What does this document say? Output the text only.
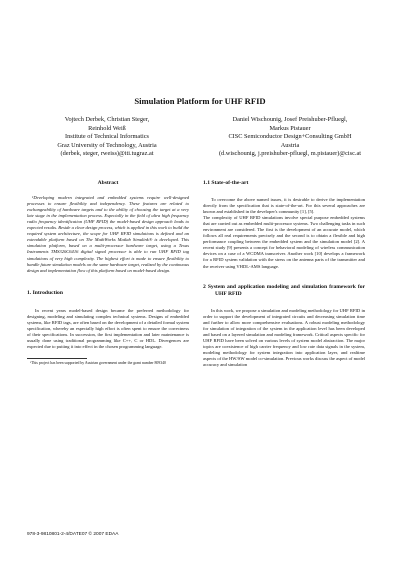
Simulation Platform for UHF RFID
Vojtech Derbek, Christian Steger,
Reinhold Weiß
Institute of Technical Informatics
Graz University of Technology, Austria
(derbek, steger, rweiss)@iti.tugraz.at
Daniel Wischounig, Josef Preishuber-Pfluegl,
Markus Pistauer
CISC Semiconductor Design+Consulting GmbH
Austria
(d.wischounig, j.preishuber-pfluegl, m.pistauer)@cisc.at
Abstract

¹Developing modern integrated and embedded systems require well-designed processes to ensure flexibility and independency. These features are related to exchangeability of hardware targets and to the ability of choosing the target at a very late stage in the implementation process. Especially in the field of ultra high frequency radio frequency identification (UHF RFID) the model-based design approach leads to expected results. Beside a clear design process, which is applied in this work to build the required system architecture, the scope for UHF RFID simulations is defined and an extendable platform based on The MathWorks Matlab Simulink® is developed. This simulation platform, based on a multi-processor hardware target, using a Texas Instruments TMS320C6416 digital signal processor is able to run UHF RFID tag simulations of very high complexity. The highest effort is made to ensure flexibility to handle future simulation models on the same hardware target, realized by the continuous design and implementation flow of this platform based on model-based design.

1. Introduction

In recent years model-based design became the preferred methodology for designing, modeling and simulating complex technical systems. Designs of embedded systems, like RFID tags, are often based on the development of a detailed formal system specification, whereby an especially high effort is often spent to ensure the correctness of their specifications. In succession, the first implementation and later maintenance is usually done using traditional programming like C++, C or HDL. Divergences are expected due to putting it into effect in the chosen programming language.

¹This project has been supported by Austrian government under the grant number 809340

1.1 State-of-the-art

To overcome the above named issues, it is desirable to derive the implementation directly from the specification that is state-of-the-art. For this several approaches are known and established in the developer's community [1], [5].

The complexity of UHF RFID simulations involve special purpose embedded systems that are carried out as embedded multi-processor systems. Two challenging tasks in such environment are considered. The first is the development of an accurate model, which follows all real requirements precisely and the second is to obtain a flexible and high performance coupling between the embedded system and the simulation model [2]. A recent study [9] presents a concept for behavioral modeling of wireless communication devices on a case of a WCDMA transceiver. Another work [10] develops a framework for a RFID system validation with the stress on the antenna parts of the transmitter and the receiver using VHDL-AMS language.

2 System and application modeling and simulation framework for UHF RFID

In this work, we propose a simulation and modeling methodology for UHF RFID in order to support the development of integrated circuits and decreasing simulation time and further to allow more comprehensive evaluations. A robust modeling methodology for simulation of integration of the system in the application level has been developed and based on a layered simulation and modeling framework. Critical aspects specific for UHF RFID have been solved on various levels of system model abstraction. The major topics are coexistence of high carrier frequency and low rate data signals in the system, modeling methodology for system integration into application layer, and realtime aspects of the HW/SW model co-simulation. Previous works discuss the aspect of model accuracy and simulation

978-3-9810801-2-4/DATE07 © 2007 EDAA
